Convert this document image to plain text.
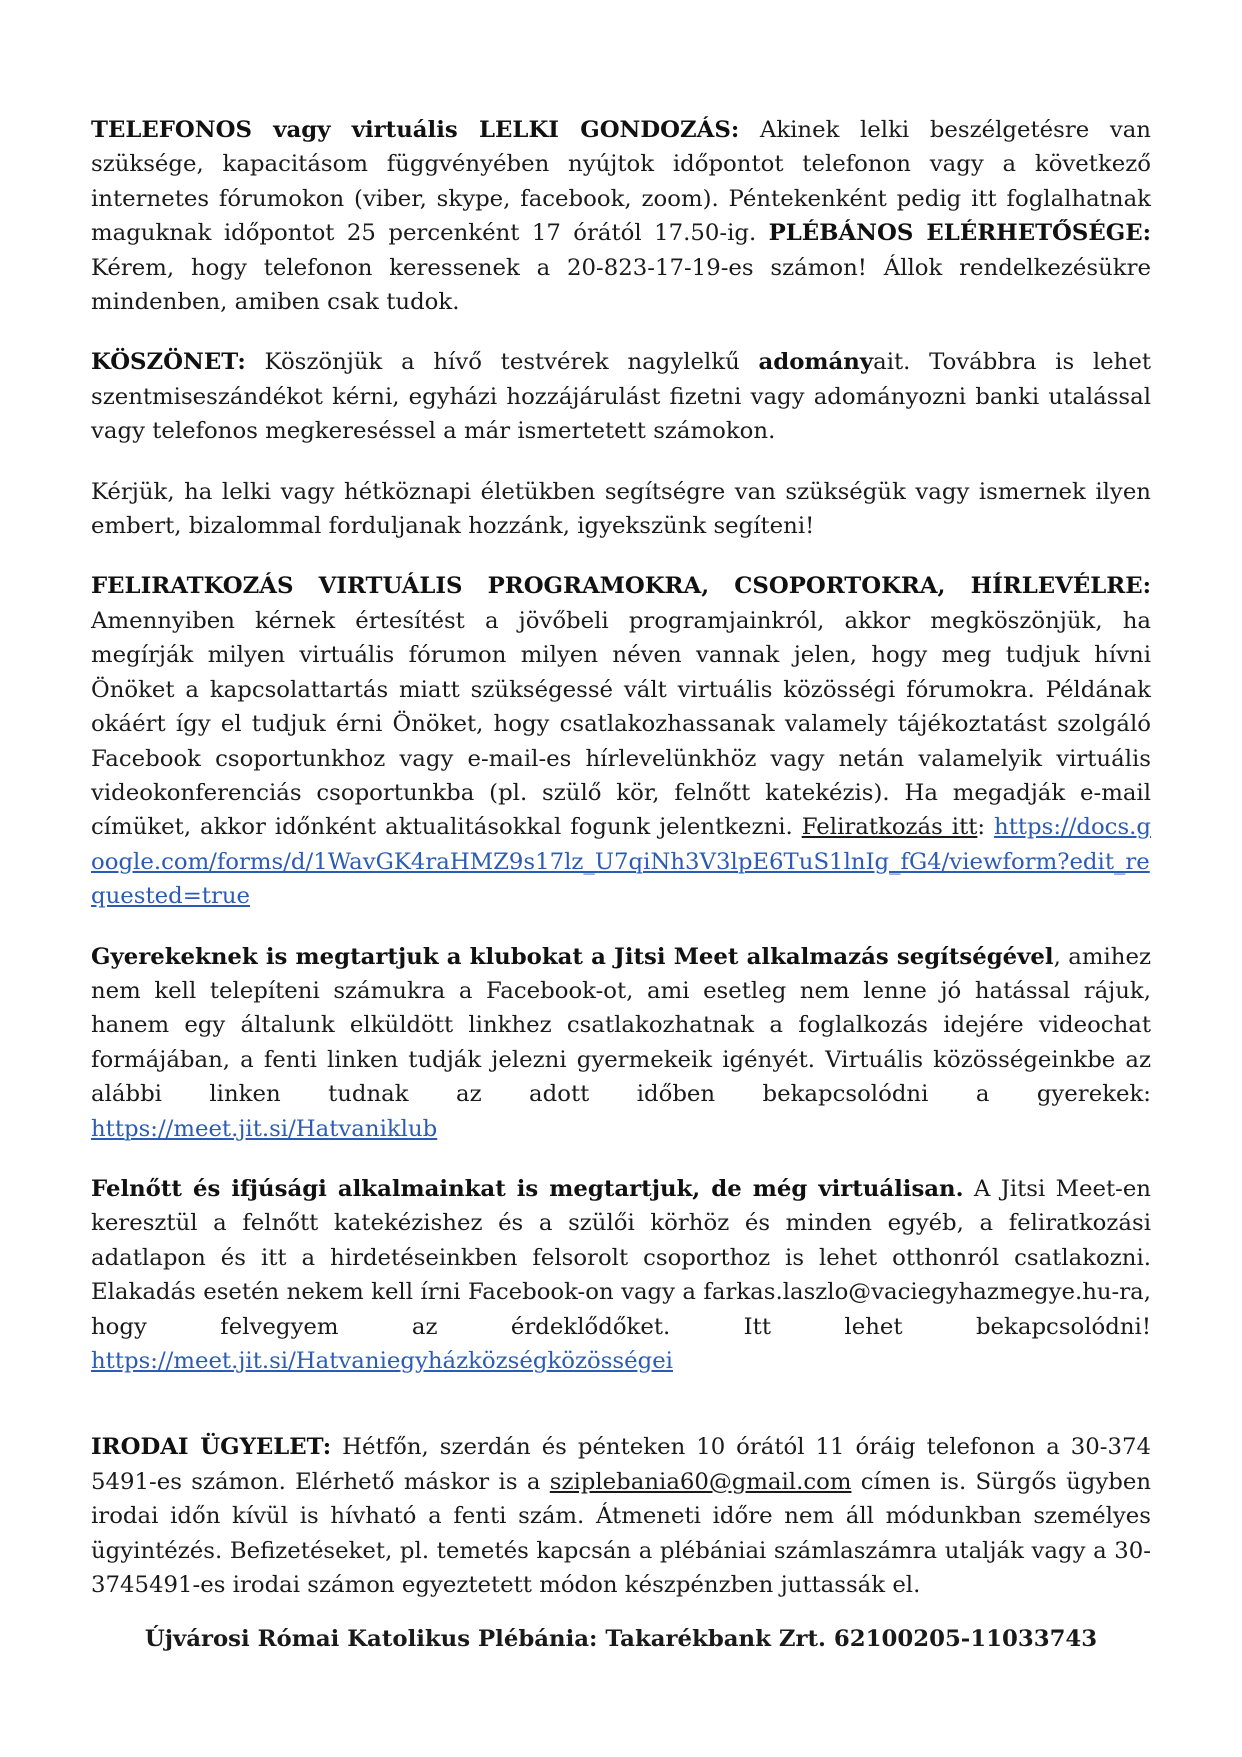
TELEFONOS vagy virtuális LELKI GONDOZÁS: Akinek lelki beszélgetésre van szüksége, kapacitásom függvényében nyújtok időpontot telefonon vagy a következő internetes fórumokon (viber, skype, facebook, zoom). Péntekenként pedig itt foglalhatnak maguknak időpontot 25 percenként 17 órától 17.50-ig. PLÉBÁNOS ELÉRHETŐSÉGE: Kérem, hogy telefonon keressenek a 20-823-17-19-es számon! Állok rendelkezésükre mindenben, amiben csak tudok.

KÖSZÖNET: Köszönjük a hívő testvérek nagylelkű adományait. Továbbra is lehet szentmiseszándékot kérni, egyházi hozzájárulást fizetni vagy adományozni banki utalással vagy telefonos megkereséssel a már ismertetett számokon.

Kérjük, ha lelki vagy hétköznapi életükben segítségre van szükségük vagy ismernek ilyen embert, bizalommal forduljanak hozzánk, igyekszünk segíteni!

FELIRATKOZÁS VIRTUÁLIS PROGRAMOKRA, CSOPORTOKRA, HÍRLEVÉLRE: Amennyiben kérnek értesítést a jövőbeli programjainkról, akkor megköszönjük, ha megírják milyen virtuális fórumon milyen néven vannak jelen, hogy meg tudjuk hívni Önöket a kapcsolattartás miatt szükségessé vált virtuális közösségi fórumokra. Példának okáért így el tudjuk érni Önöket, hogy csatlakozhassanak valamely tájékoztatást szolgáló Facebook csoportunkhoz vagy e-mail-es hírlevelünkhöz vagy netán valamelyik virtuális videokonferenciás csoportunkba (pl. szülő kör, felnőtt katekézis). Ha megadják e-mail címüket, akkor időnként aktualitásokkal fogunk jelentkezni. Feliratkozás itt: https://docs.google.com/forms/d/1WavGK4raHMZ9s17lz_U7qiNh3V3lpE6TuS1lnIg_fG4/viewform?edit_requested=true

Gyerekeknek is megtartjuk a klubokat a Jitsi Meet alkalmazás segítségével, amihez nem kell telepíteni számukra a Facebook-ot, ami esetleg nem lenne jó hatással rájuk, hanem egy általunk elküldött linkhez csatlakozhatnak a foglalkozás idejére videochat formájában, a fenti linken tudják jelezni gyermekeik igényét. Virtuális közösségeinkbe az alábbi linken tudnak az adott időben bekapcsolódni a gyerekek: https://meet.jit.si/Hatvaniklub

Felnőtt és ifjúsági alkalmainkat is megtartjuk, de még virtuálisan. A Jitsi Meet-en keresztül a felnőtt katekézishez és a szülői körhöz és minden egyéb, a feliratkozási adatlapon és itt a hirdetéseinkben felsorolt csoporthoz is lehet otthonról csatlakozni. Elakadás esetén nekem kell írni Facebook-on vagy a farkas.laszlo@vaciegyhazmegye.hu-ra, hogy felvegyem az érdeklődőket. Itt lehet bekapcsolódni! https://meet.jit.si/Hatvaniegyházközségközösségei

IRODAI ÜGYELET: Hétfőn, szerdán és pénteken 10 órától 11 óráig telefonon a 30-374 5491-es számon. Elérhető máskor is a sziplebania60@gmail.com címen is. Sürgős ügyben irodai időn kívül is hívható a fenti szám. Átmeneti időre nem áll módunkban személyes ügyintézés. Befizetéseket, pl. temetés kapcsán a plébániai számlaszámra utalják vagy a 30-3745491-es irodai számon egyeztetett módon készpénzben juttassák el.

Újvárosi Római Katolikus Plébánia: Takarékbank Zrt. 62100205-11033743
